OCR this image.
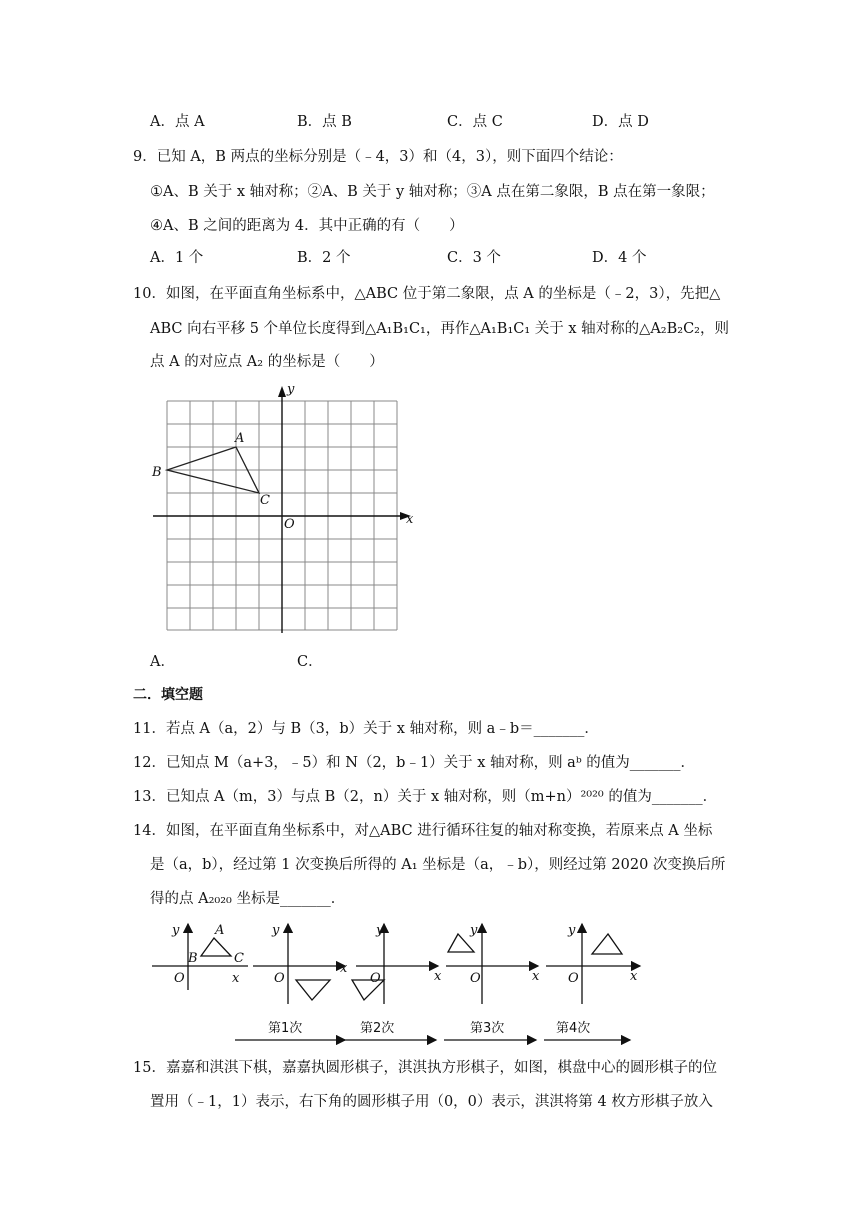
A．点 A	B．点 B	C．点 C	D．点 D
9．已知 A，B 两点的坐标分别是（﹣4，3）和（4，3），则下面四个结论：
①A、B 关于 x 轴对称；②A、B 关于 y 轴对称；③A 点在第二象限，B 点在第一象限；
④A、B 之间的距离为 4．其中正确的有（　　）
A．1 个	B．2 个	C．3 个	D．4 个
10．如图，在平面直角坐标系中，△ABC 位于第二象限，点 A 的坐标是（﹣2，3），先把△
ABC 向右平移 5 个单位长度得到△A₁B₁C₁，再作△A₁B₁C₁ 关于 x 轴对称的△A₂B₂C₂，则
点 A 的对应点 A₂ 的坐标是（　　）
y
x
O
A
B
C
A．	C．
二．填空题
11．若点 A（a，2）与 B（3，b）关于 x 轴对称，则 a﹣b＝_______．
12．已知点 M（a+3，﹣5）和 N（2，b﹣1）关于 x 轴对称，则 aᵇ 的值为_______．
13．已知点 A（m，3）与点 B（2，n）关于 x 轴对称，则（m+n）²⁰²⁰ 的值为_______．
14．如图，在平面直角坐标系中，对△ABC 进行循环往复的轴对称变换，若原来点 A 坐标
是（a，b），经过第 1 次变换后所得的 A₁ 坐标是（a，﹣b），则经过第 2020 次变换后所
得的点 A₂₀₂₀ 坐标是_______．
y
x
O
A
B	C
y
x
O
y
x
O
y
x
O
y
x
O
第1次	第2次	第3次	第4次
15．嘉嘉和淇淇下棋，嘉嘉执圆形棋子，淇淇执方形棋子，如图，棋盘中心的圆形棋子的位
置用（﹣1，1）表示，右下角的圆形棋子用（0，0）表示，淇淇将第 4 枚方形棋子放入
